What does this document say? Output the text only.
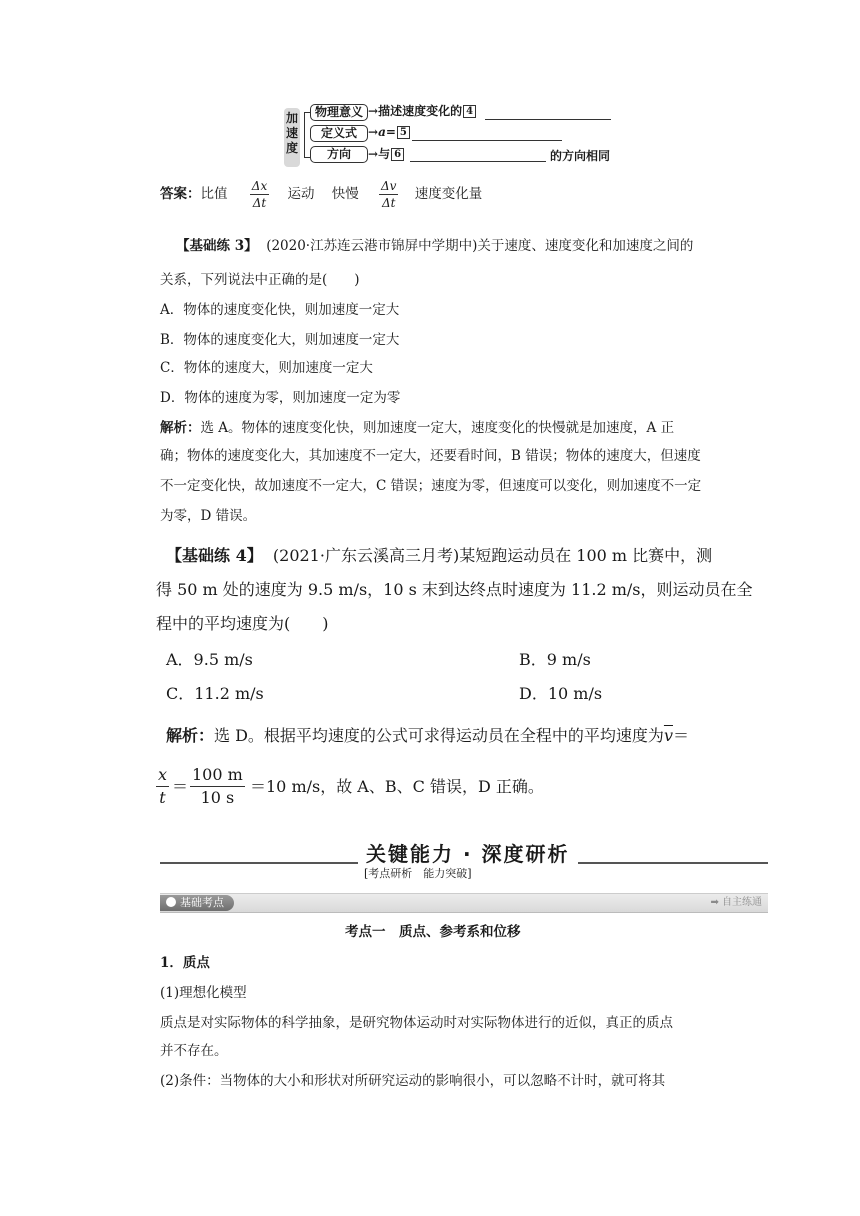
加速度
物理意义 →描述速度变化的 4
定义式 →a= 5
方向	→与 6	的方向相同
答案：比值 $\frac{\Delta x}{\Delta t}$ 运动 快慢 $\frac{\Delta v}{\Delta t}$ 速度变化量
【基础练 3】 (2020·江苏连云港市锦屏中学期中)关于速度、速度变化和加速度之间的
关系，下列说法中正确的是(　　)
A．物体的速度变化快，则加速度一定大
B．物体的速度变化大，则加速度一定大
C．物体的速度大，则加速度一定大
D．物体的速度为零，则加速度一定为零
解析：选 A。物体的速度变化快，则加速度一定大，速度变化的快慢就是加速度，A 正
确；物体的速度变化大，其加速度不一定大，还要看时间，B 错误；物体的速度大，但速度
不一定变化快，故加速度不一定大，C 错误；速度为零，但速度可以变化，则加速度不一定
为零，D 错误。
【基础练 4】 (2021·广东云溪高三月考)某短跑运动员在 100 m 比赛中，测
得 50 m 处的速度为 9.5 m/s，10 s 末到达终点时速度为 11.2 m/s，则运动员在全
程中的平均速度为(　　)
A．9.5 m/s	B．9 m/s
C．11.2 m/s	D．10 m/s
解析：选 D。根据平均速度的公式可求得运动员在全程中的平均速度为$\overline{v}=$
x
t
＝
100 m
10 s
＝10 m/s，故 A、B、C 错误，D 正确。
关键能力 · 深度研析
[考点研析　能力突破]
基础考点	➡ 自主练通
考点一　质点、参考系和位移
1．质点
(1)理想化模型
质点是对实际物体的科学抽象，是研究物体运动时对实际物体进行的近似，真正的质点
并不存在。
(2)条件：当物体的大小和形状对所研究运动的影响很小，可以忽略不计时，就可将其
